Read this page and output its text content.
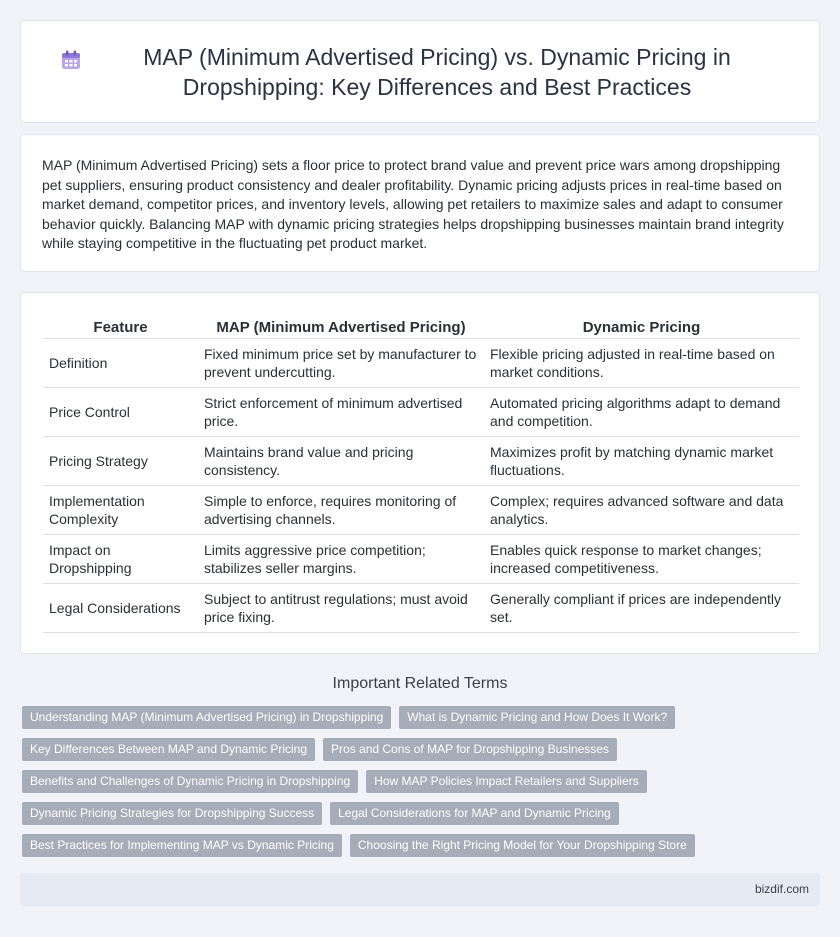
MAP (Minimum Advertised Pricing) vs. Dynamic Pricing in Dropshipping: Key Differences and Best Practices

MAP (Minimum Advertised Pricing) sets a floor price to protect brand value and prevent price wars among dropshipping pet suppliers, ensuring product consistency and dealer profitability. Dynamic pricing adjusts prices in real-time based on market demand, competitor prices, and inventory levels, allowing pet retailers to maximize sales and adapt to consumer behavior quickly. Balancing MAP with dynamic pricing strategies helps dropshipping businesses maintain brand integrity while staying competitive in the fluctuating pet product market.

Feature	MAP (Minimum Advertised Pricing)	Dynamic Pricing
Definition	Fixed minimum price set by manufacturer to prevent undercutting.	Flexible pricing adjusted in real-time based on market conditions.
Price Control	Strict enforcement of minimum advertised price.	Automated pricing algorithms adapt to demand and competition.
Pricing Strategy	Maintains brand value and pricing consistency.	Maximizes profit by matching dynamic market fluctuations.
Implementation Complexity	Simple to enforce, requires monitoring of advertising channels.	Complex; requires advanced software and data analytics.
Impact on Dropshipping	Limits aggressive price competition; stabilizes seller margins.	Enables quick response to market changes; increased competitiveness.
Legal Considerations	Subject to antitrust regulations; must avoid price fixing.	Generally compliant if prices are independently set.
Important Related Terms
Understanding MAP (Minimum Advertised Pricing) in Dropshipping	What is Dynamic Pricing and How Does It Work?
Key Differences Between MAP and Dynamic Pricing	Pros and Cons of MAP for Dropshipping Businesses
Benefits and Challenges of Dynamic Pricing in Dropshipping	How MAP Policies Impact Retailers and Suppliers
Dynamic Pricing Strategies for Dropshipping Success	Legal Considerations for MAP and Dynamic Pricing
Best Practices for Implementing MAP vs Dynamic Pricing	Choosing the Right Pricing Model for Your Dropshipping Store
bizdif.com
